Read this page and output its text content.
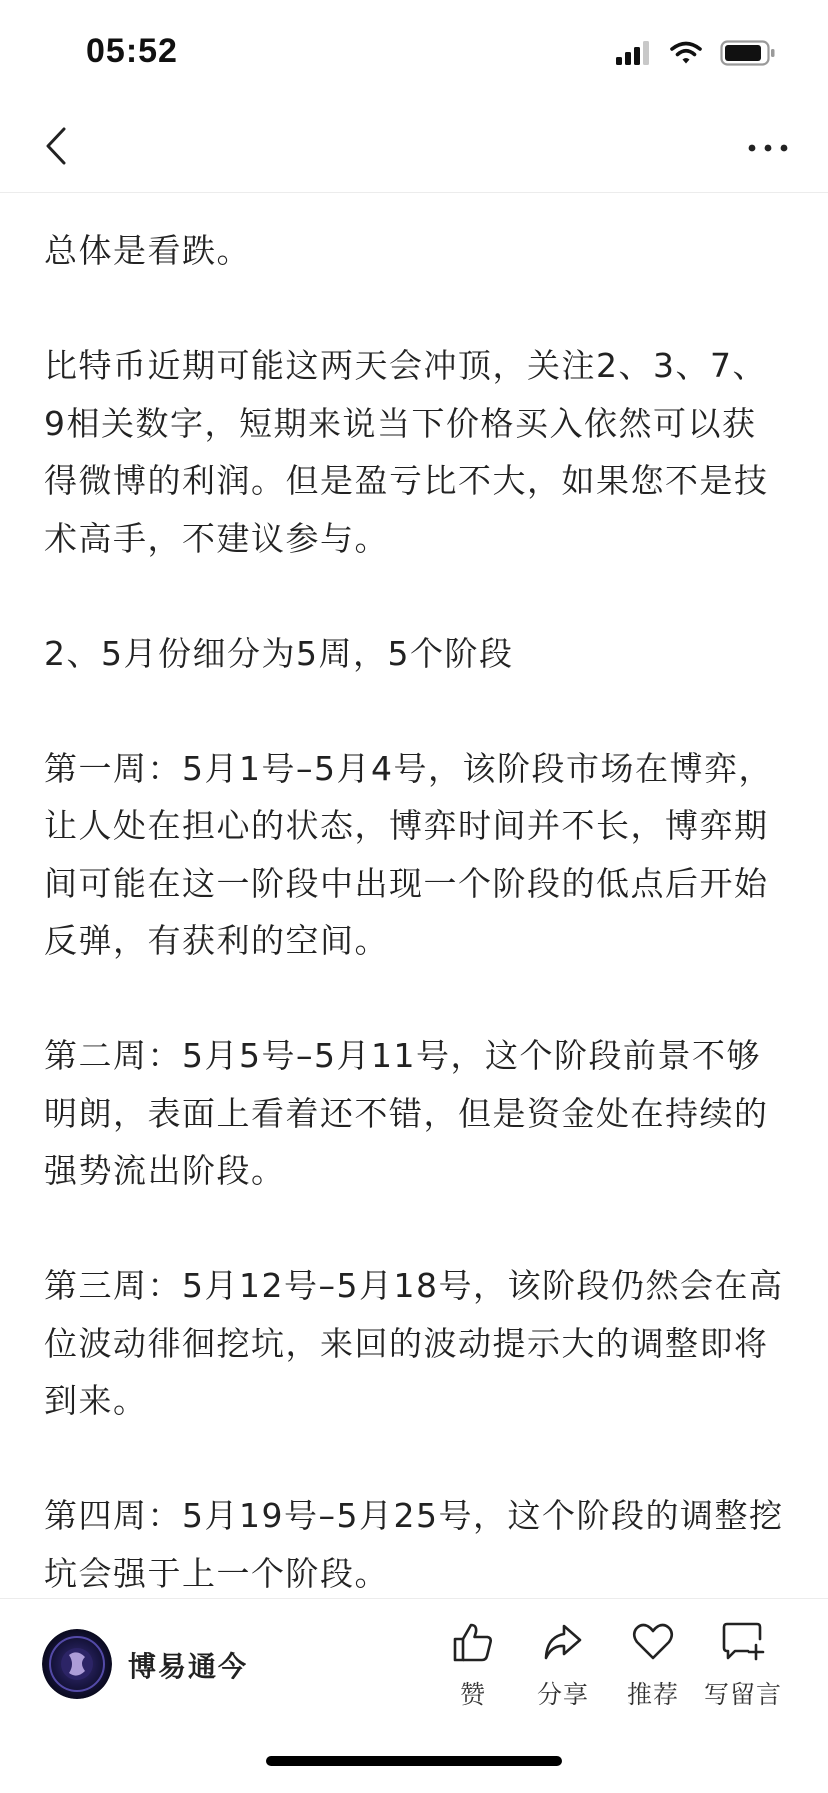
05:52

总体是看跌。

比特币近期可能这两天会冲顶，关注2、3、7、9相关数字，短期来说当下价格买入依然可以获得微博的利润。但是盈亏比不大，如果您不是技术高手，不建议参与。

2、5月份细分为5周，5个阶段

第一周：5月1号–5月4号，该阶段市场在博弈，让人处在担心的状态，博弈时间并不长，博弈期间可能在这一阶段中出现一个阶段的低点后开始反弹，有获利的空间。

第二周：5月5号–5月11号，这个阶段前景不够明朗，表面上看着还不错，但是资金处在持续的强势流出阶段。

第三周：5月12号–5月18号，该阶段仍然会在高位波动徘徊挖坑，来回的波动提示大的调整即将到来。

第四周：5月19号–5月25号，这个阶段的调整挖坑会强于上一个阶段。

博易通今
赞 分享 推荐 写留言
